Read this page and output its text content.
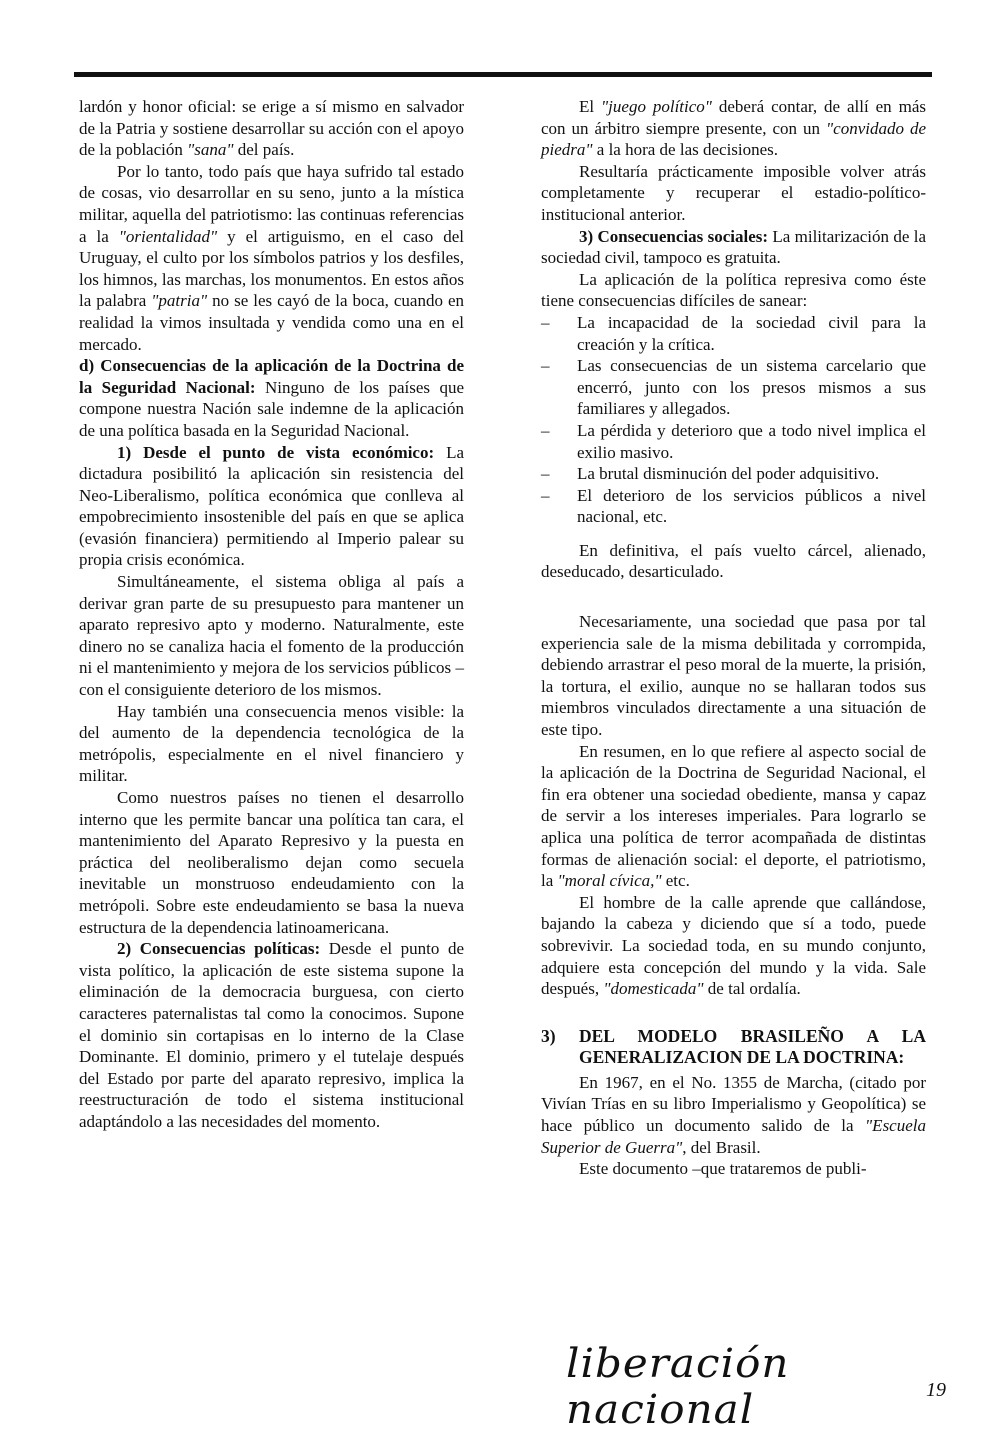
lardón y honor oficial: se erige a sí mismo en salvador de la Patria y sostiene desarrollar su acción con el apoyo de la población "sana" del país.

Por lo tanto, todo país que haya sufrido tal estado de cosas, vio desarrollar en su seno, junto a la mística militar, aquella del patriotismo: las continuas referencias a la "orientalidad" y el artiguismo, en el caso del Uruguay, el culto por los símbolos patrios y los desfiles, los himnos, las marchas, los monumentos. En estos años la palabra "patria" no se les cayó de la boca, cuando en realidad la vimos insultada y vendida como una en el mercado.

d) Consecuencias de la aplicación de la Doctrina de la Seguridad Nacional: Ninguno de los países que compone nuestra Nación sale indemne de la aplicación de una política basada en la Seguridad Nacional.

1) Desde el punto de vista económico: La dictadura posibilitó la aplicación sin resistencia del Neo-Liberalismo, política económica que conlleva al empobrecimiento insostenible del país en que se aplica (evasión financiera) permitiendo al Imperio palear su propia crisis económica.

Simultáneamente, el sistema obliga al país a derivar gran parte de su presupuesto para mantener un aparato represivo apto y moderno. Naturalmente, este dinero no se canaliza hacia el fomento de la producción ni el mantenimiento y mejora de los servicios públicos –con el consiguiente deterioro de los mismos.

Hay también una consecuencia menos visible: la del aumento de la dependencia tecnológica de la metrópolis, especialmente en el nivel financiero y militar.

Como nuestros países no tienen el desarrollo interno que les permite bancar una política tan cara, el mantenimiento del Aparato Represivo y la puesta en práctica del neoliberalismo dejan como secuela inevitable un monstruoso endeudamiento con la metrópoli. Sobre este endeudamiento se basa la nueva estructura de la dependencia latinoamericana.

2) Consecuencias políticas: Desde el punto de vista político, la aplicación de este sistema supone la eliminación de la democracia burguesa, con cierto caracteres paternalistas tal como la conocimos. Supone el dominio sin cortapisas en lo interno de la Clase Dominante. El dominio, primero y el tutelaje después del Estado por parte del aparato represivo, implica la reestructuración de todo el sistema institucional adaptándolo a las necesidades del momento.

El "juego político" deberá contar, de allí en más con un árbitro siempre presente, con un "convidado de piedra" a la hora de las decisiones.

Resultaría prácticamente imposible volver atrás completamente y recuperar el estadio-político-institucional anterior.

3) Consecuencias sociales: La militarización de la sociedad civil, tampoco es gratuita.

La aplicación de la política represiva como éste tiene consecuencias difíciles de sanear:

–	La incapacidad de la sociedad civil para la creación y la crítica.
–	Las consecuencias de un sistema carcelario que encerró, junto con los presos mismos a sus familiares y allegados.
–	La pérdida y deterioro que a todo nivel implica el exilio masivo.
–	La brutal disminución del poder adquisitivo.
–	El deterioro de los servicios públicos a nivel nacional, etc.

En definitiva, el país vuelto cárcel, alienado, deseducado, desarticulado.

Necesariamente, una sociedad que pasa por tal experiencia sale de la misma debilitada y corrompida, debiendo arrastrar el peso moral de la muerte, la prisión, la tortura, el exilio, aunque no se hallaran todos sus miembros vinculados directamente a una situación de este tipo.

En resumen, en lo que refiere al aspecto social de la aplicación de la Doctrina de Seguridad Nacional, el fin era obtener una sociedad obediente, mansa y capaz de servir a los intereses imperiales. Para lograrlo se aplica una política de terror acompañada de distintas formas de alienación social: el deporte, el patriotismo, la "moral cívica," etc.

El hombre de la calle aprende que callándose, bajando la cabeza y diciendo que sí a todo, puede sobrevivir. La sociedad toda, en su mundo conjunto, adquiere esta concepción del mundo y la vida. Sale después, "domesticada" de tal ordalía.

3)	DEL MODELO BRASILEÑO A LA GENERALIZACION DE LA DOCTRINA:

En 1967, en el No. 1355 de Marcha, (citado por Vivían Trías en su libro Imperialismo y Geopolítica) se hace público un documento salido de la "Escuela Superior de Guerra", del Brasil.

Este documento –que trataremos de publi-

liberación nacional	19
